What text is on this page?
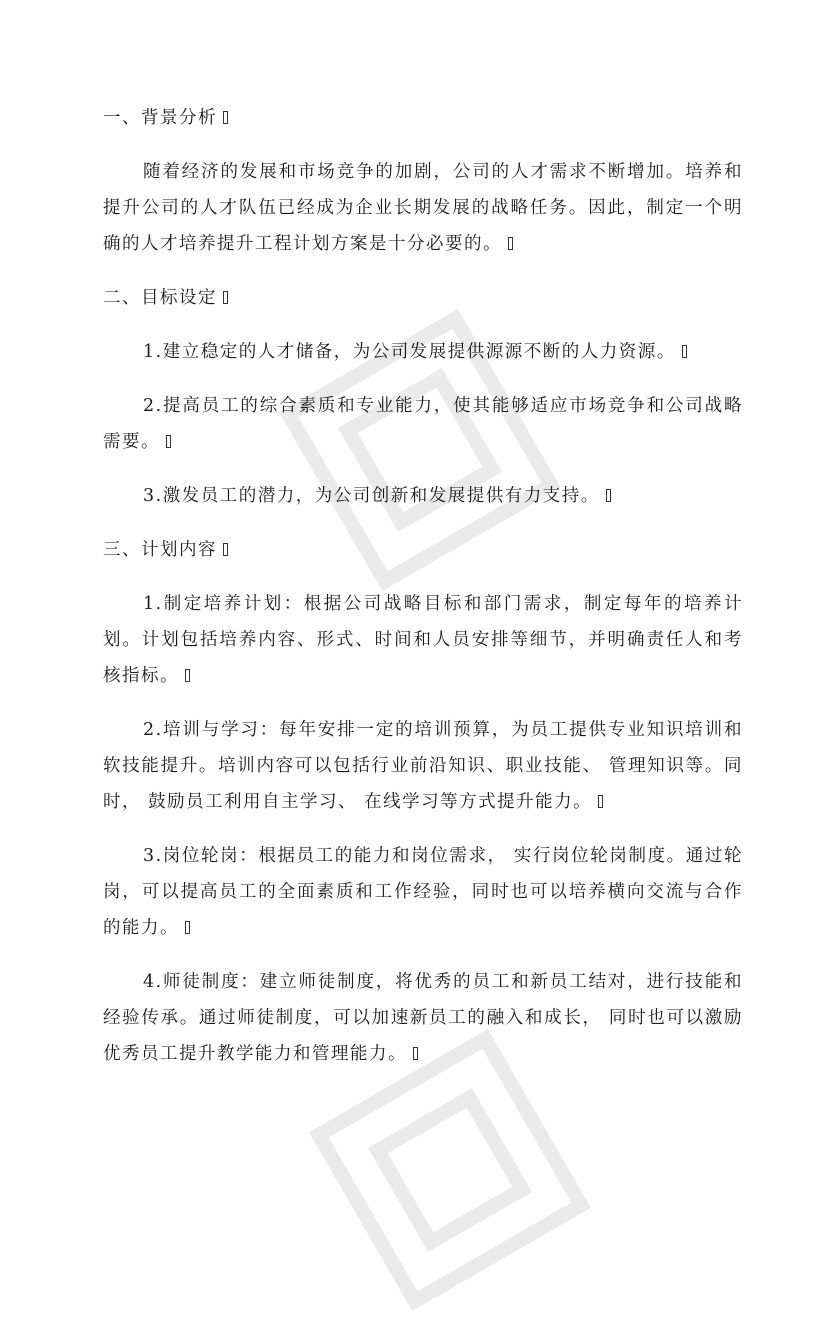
一、背景分析
随着经济的发展和市场竞争的加剧，公司的人才需求不断增加。培养和提升公司的人才队伍已经成为企业长期发展的战略任务。因此，制定一个明确的人才培养提升工程计划方案是十分必要的。
二、目标设定
1.建立稳定的人才储备，为公司发展提供源源不断的人力资源。
2.提高员工的综合素质和专业能力，使其能够适应市场竞争和公司战略需要。
3.激发员工的潜力，为公司创新和发展提供有力支持。
三、计划内容
1.制定培养计划：根据公司战略目标和部门需求，制定每年的培养计划。计划包括培养内容、形式、时间和人员安排等细节，并明确责任人和考核指标。
2.培训与学习：每年安排一定的培训预算，为员工提供专业知识培训和软技能提升。培训内容可以包括行业前沿知识、职业技能、 管理知识等。同时， 鼓励员工利用自主学习、 在线学习等方式提升能力。
3.岗位轮岗：根据员工的能力和岗位需求， 实行岗位轮岗制度。通过轮岗，可以提高员工的全面素质和工作经验，同时也可以培养横向交流与合作的能力。
4.师徒制度：建立师徒制度，将优秀的员工和新员工结对，进行技能和经验传承。通过师徒制度，可以加速新员工的融入和成长， 同时也可以激励优秀员工提升教学能力和管理能力。
